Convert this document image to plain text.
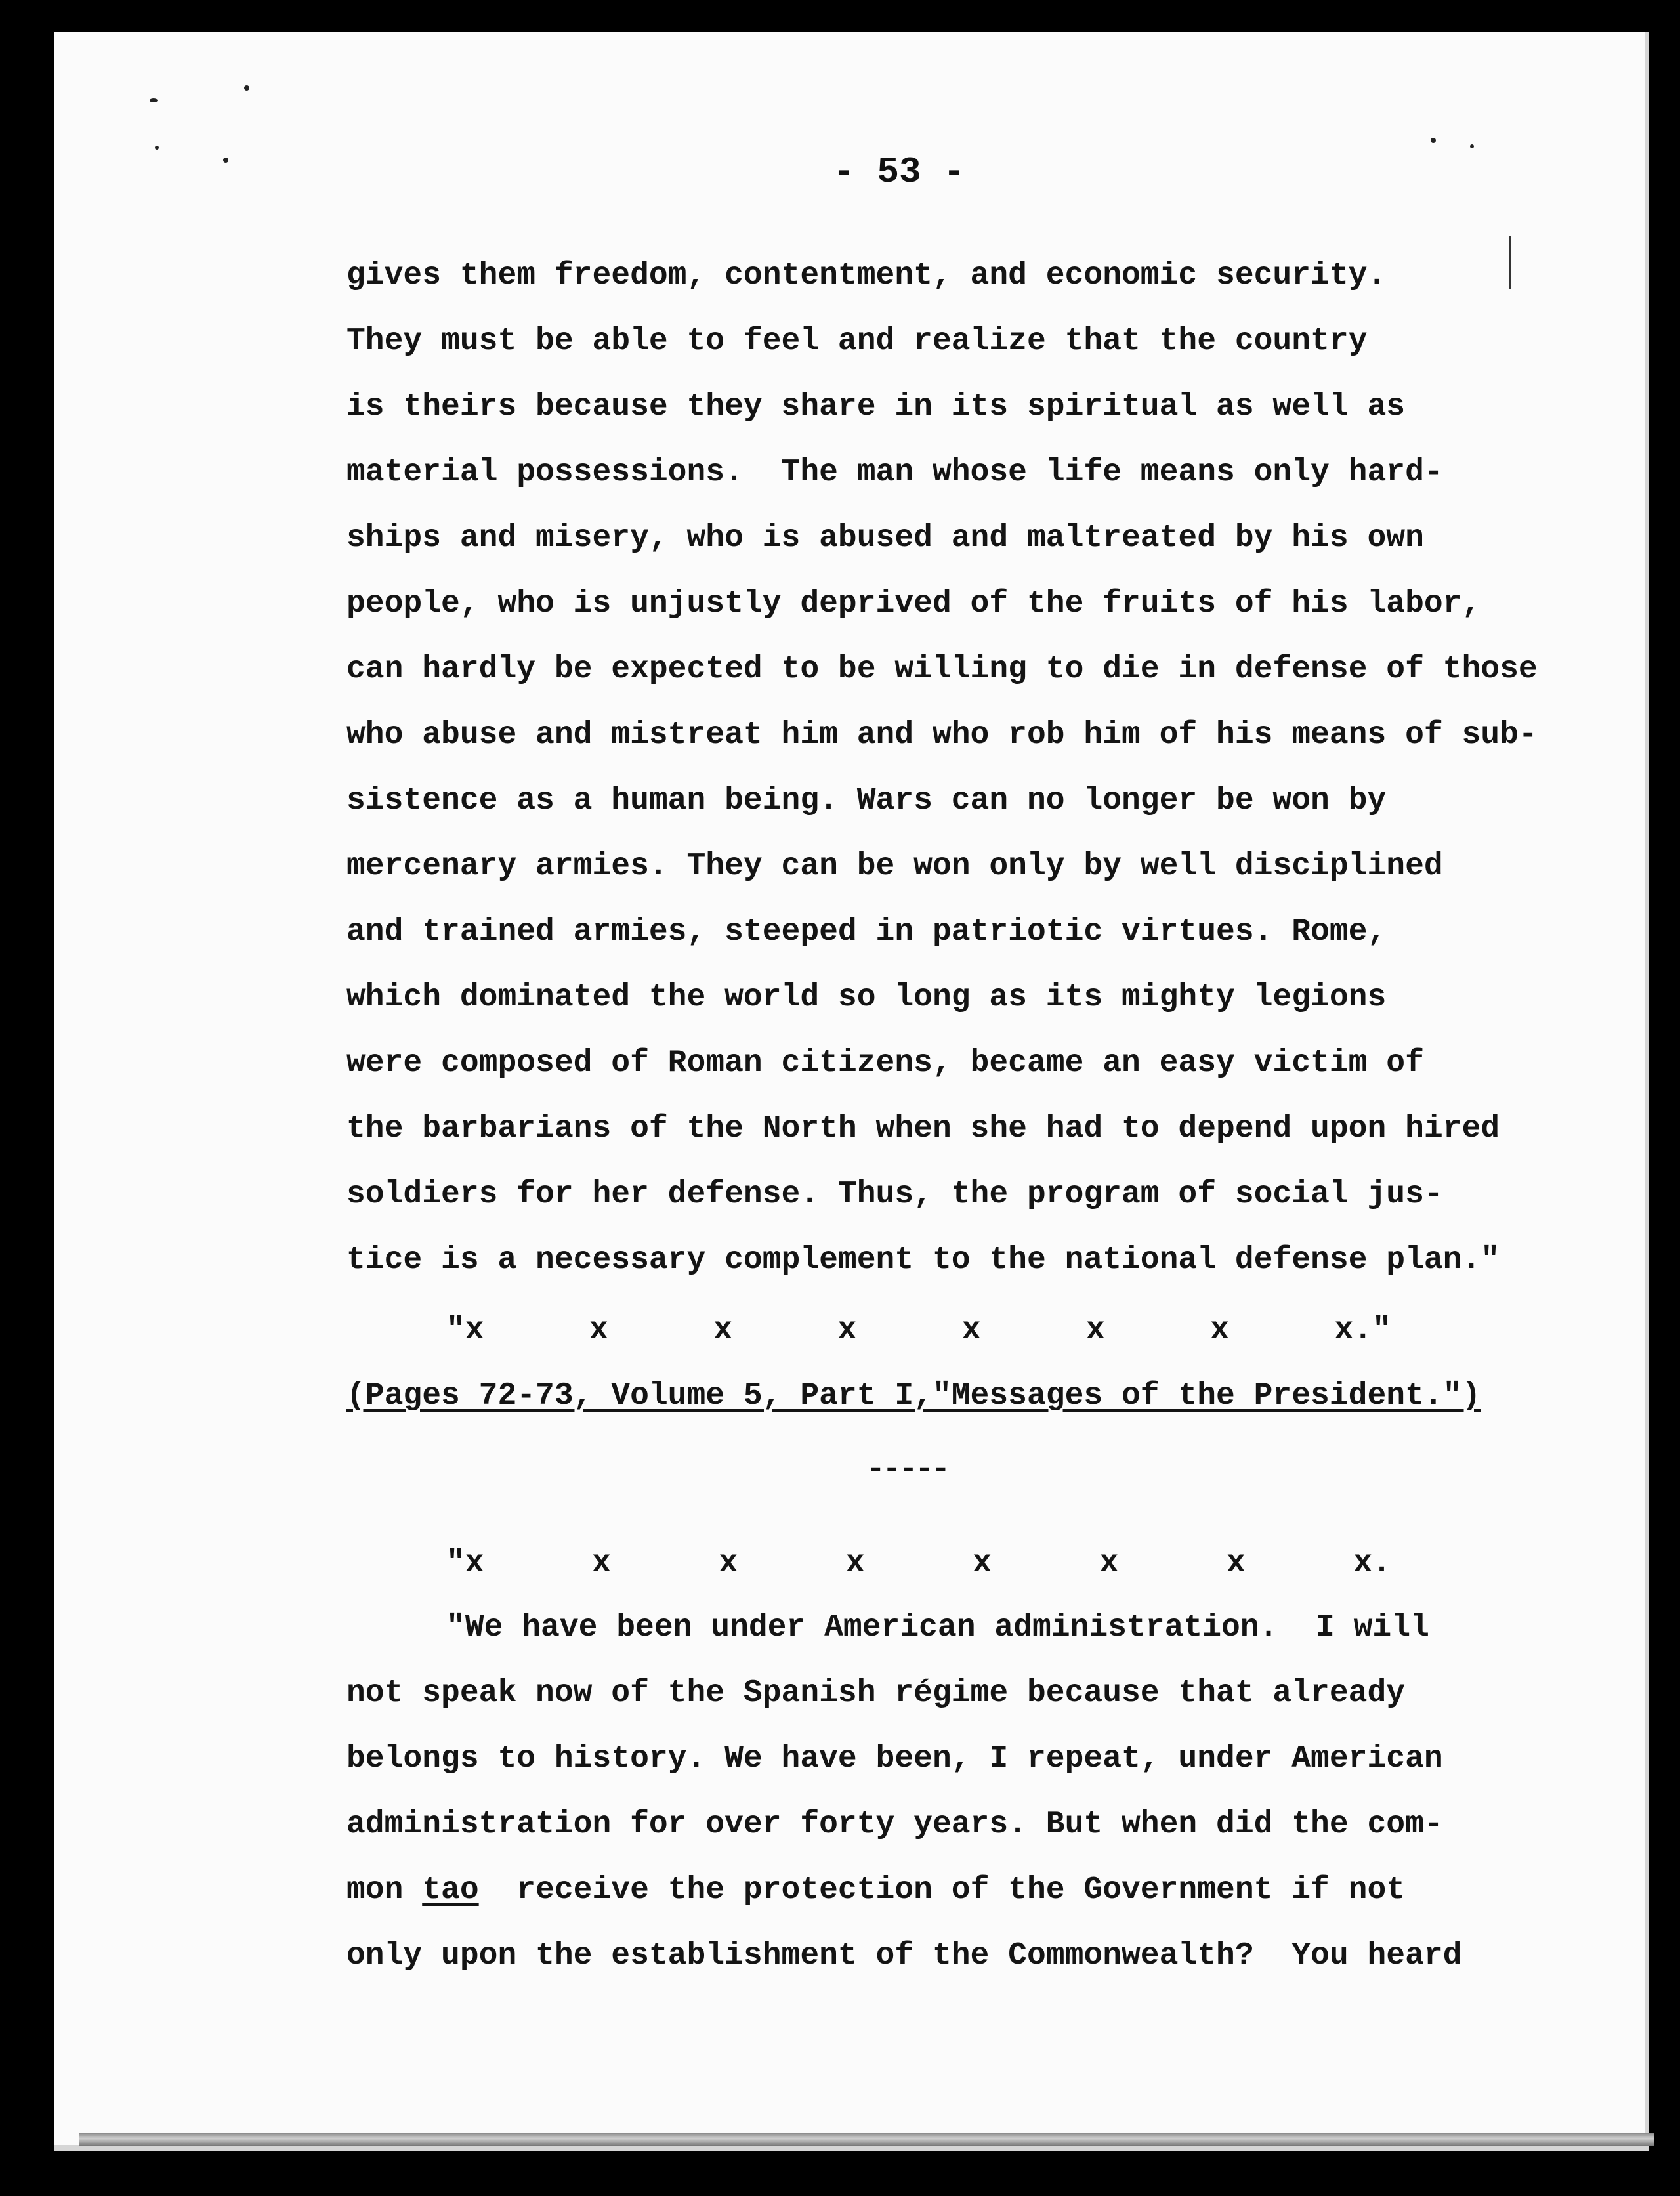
- 53 -
gives them freedom, contentment, and economic security.
They must be able to feel and realize that the country
is theirs because they share in its spiritual as well as
material possessions.  The man whose life means only hard-
ships and misery, who is abused and maltreated by his own
people, who is unjustly deprived of the fruits of his labor,
can hardly be expected to be willing to die in defense of those
who abuse and mistreat him and who rob him of his means of sub-
sistence as a human being. Wars can no longer be won by
mercenary armies. They can be won only by well disciplined
and trained armies, steeped in patriotic virtues. Rome,
which dominated the world so long as its mighty legions
were composed of Roman citizens, became an easy victim of
the barbarians of the North when she had to depend upon hired
soldiers for her defense. Thus, the program of social jus-
tice is a necessary complement to the national defense plan."
"x	x	x	x	x	x	x	x."
(Pages 72-73, Volume 5, Part I,"Messages of the President.")
-----
"x	x	x	x	x	x	x	x.
"We have been under American administration.  I will
not speak now of the Spanish régime because that already
belongs to history. We have been, I repeat, under American
administration for over forty years. But when did the com-
mon tao  receive the protection of the Government if not
only upon the establishment of the Commonwealth?  You heard
